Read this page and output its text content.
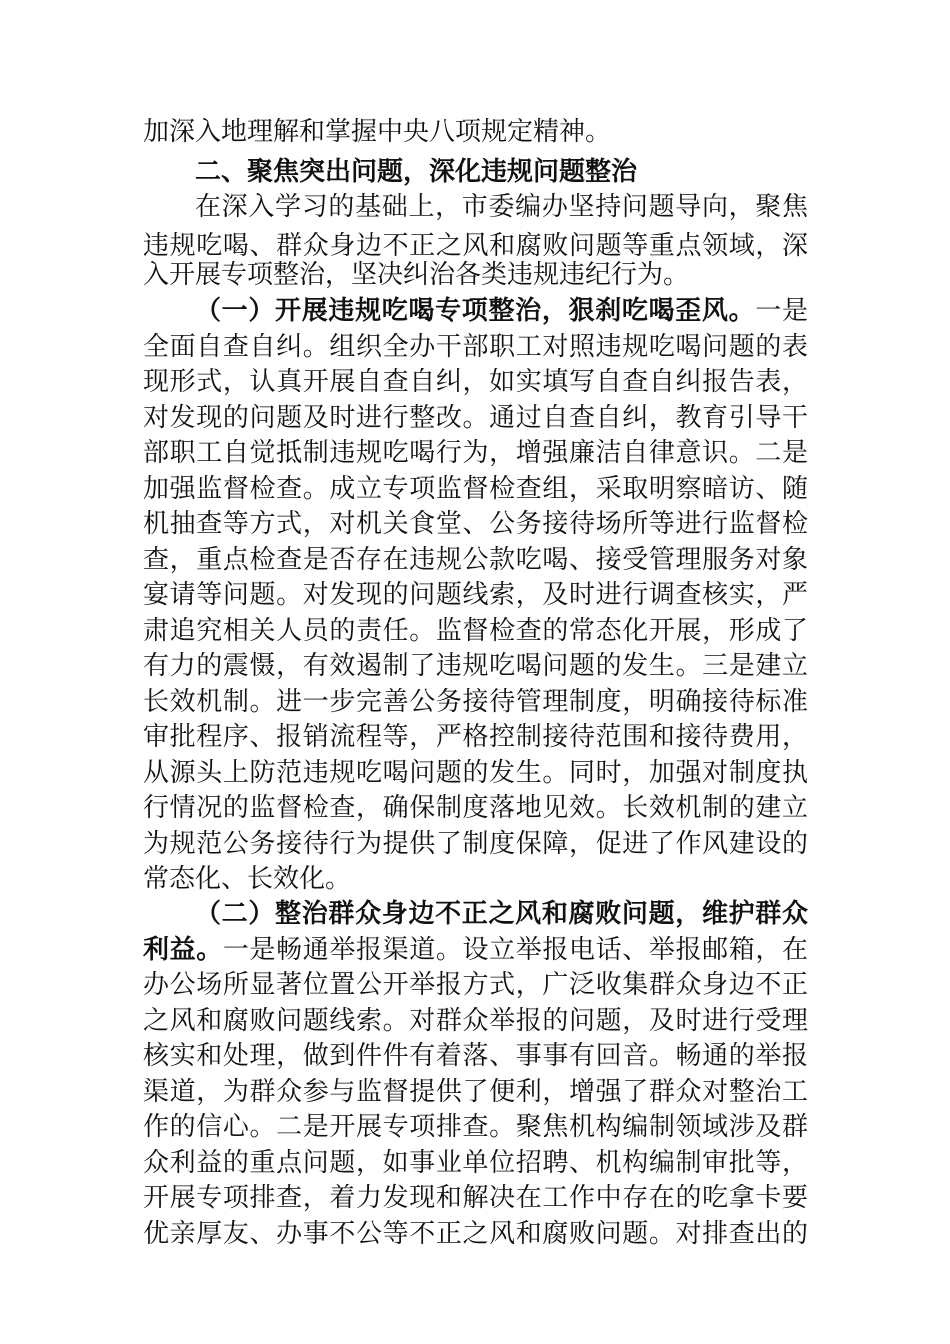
加深入地理解和掌握中央八项规定精神。
二、聚焦突出问题，深化违规问题整治
在深入学习的基础上，市委编办坚持问题导向，聚焦
违规吃喝、群众身边不正之风和腐败问题等重点领域，深
入开展专项整治，坚决纠治各类违规违纪行为。
（一）开展违规吃喝专项整治，狠刹吃喝歪风。一是
全面自查自纠。组织全办干部职工对照违规吃喝问题的表
现形式，认真开展自查自纠，如实填写自查自纠报告表，
对发现的问题及时进行整改。通过自查自纠，教育引导干
部职工自觉抵制违规吃喝行为，增强廉洁自律意识。二是
加强监督检查。成立专项监督检查组，采取明察暗访、随
机抽查等方式，对机关食堂、公务接待场所等进行监督检
查，重点检查是否存在违规公款吃喝、接受管理服务对象
宴请等问题。对发现的问题线索，及时进行调查核实，严
肃追究相关人员的责任。监督检查的常态化开展，形成了
有力的震慑，有效遏制了违规吃喝问题的发生。三是建立
长效机制。进一步完善公务接待管理制度，明确接待标准
审批程序、报销流程等，严格控制接待范围和接待费用，
从源头上防范违规吃喝问题的发生。同时，加强对制度执
行情况的监督检查，确保制度落地见效。长效机制的建立
为规范公务接待行为提供了制度保障，促进了作风建设的
常态化、长效化。
（二）整治群众身边不正之风和腐败问题，维护群众
利益。一是畅通举报渠道。设立举报电话、举报邮箱，在
办公场所显著位置公开举报方式，广泛收集群众身边不正
之风和腐败问题线索。对群众举报的问题，及时进行受理
核实和处理，做到件件有着落、事事有回音。畅通的举报
渠道，为群众参与监督提供了便利，增强了群众对整治工
作的信心。二是开展专项排查。聚焦机构编制领域涉及群
众利益的重点问题，如事业单位招聘、机构编制审批等，
开展专项排查，着力发现和解决在工作中存在的吃拿卡要
优亲厚友、办事不公等不正之风和腐败问题。对排查出的
